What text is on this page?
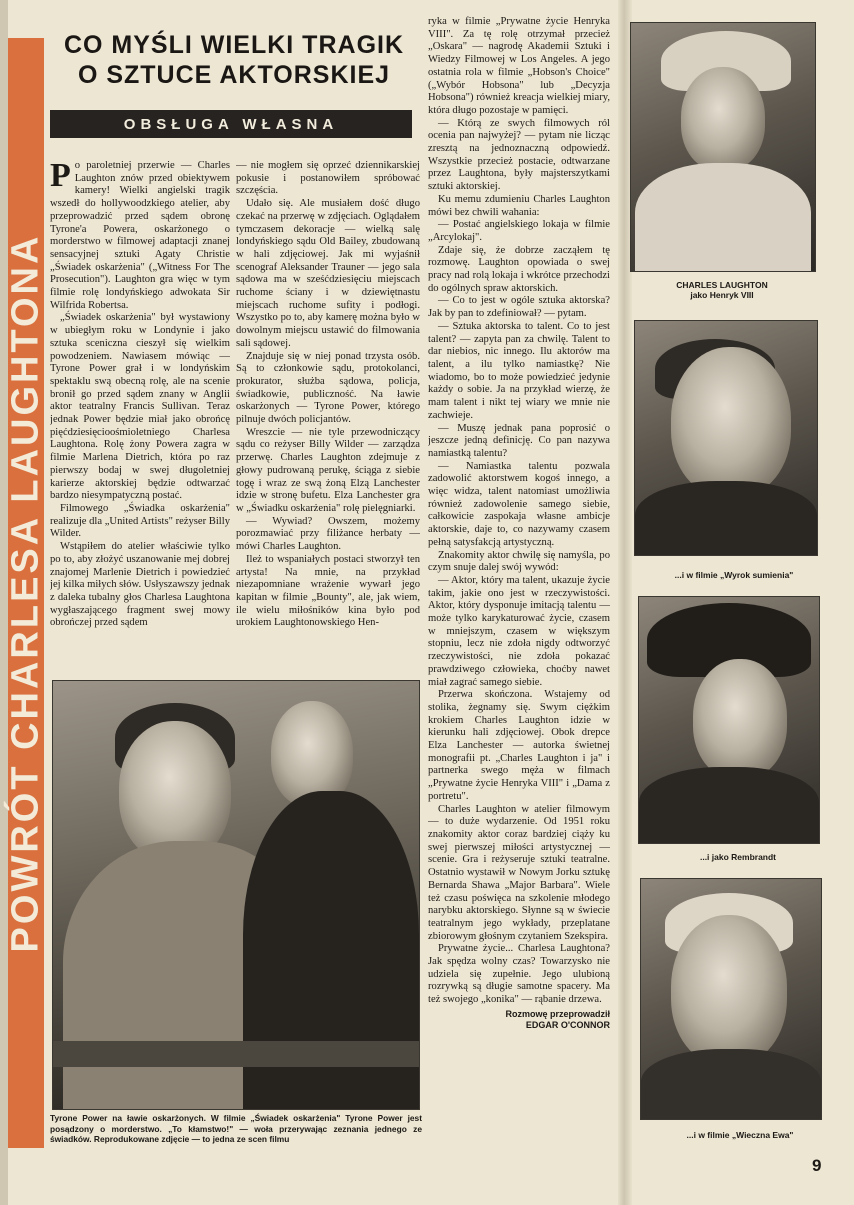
POWRÓT CHARLESA LAUGHTONA
CO MYŚLI WIELKI TRAGIK
O SZTUCE AKTORSKIEJ
OBSŁUGA WŁASNA

Po paroletniej przerwie — Charles Laughton znów przed obiektywem kamery! Wielki angielski tragik wszedł do hollywoodzkiego atelier, aby przeprowadzić przed sądem obronę Tyrone'a Powera, oskarżonego o morderstwo w filmowej adaptacji znanej sensacyjnej sztuki Agaty Christie „Świadek oskarżenia" („Witness For The Prosecution"). Laughton gra więc w tym filmie rolę londyńskiego adwokata Sir Wilfrida Robertsa.

„Świadek oskarżenia" był wystawiony w ubiegłym roku w Londynie i jako sztuka sceniczna cieszył się wielkim powodzeniem. Nawiasem mówiąc — Tyrone Power grał i w londyńskim spektaklu swą obecną rolę, ale na scenie bronił go przed sądem znany w Anglii aktor teatralny Francis Sullivan. Teraz jednak Power będzie miał jako obrońcę pięćdziesięcioośmioletniego Charlesa Laughtona. Rolę żony Powera zagra w filmie Marlena Dietrich, która po raz pierwszy bodaj w swej długoletniej karierze aktorskiej będzie odtwarzać bardzo niesympatyczną postać.

Filmowego „Świadka oskarżenia" realizuje dla „United Artists" reżyser Billy Wilder.

Wstąpiłem do atelier właściwie tylko po to, aby złożyć uszanowanie mej dobrej znajomej Marlenie Dietrich i powiedzieć jej kilka miłych słów. Usłyszawszy jednak z daleka tubalny głos Charlesa Laughtona wygłaszającego fragment swej mowy obrończej przed sądem

— nie mogłem się oprzeć dziennikarskiej pokusie i postanowiłem spróbować szczęścia.

Udało się. Ale musiałem dość długo czekać na przerwę w zdjęciach. Oglądałem tymczasem dekoracje — wielką salę londyńskiego sądu Old Bailey, zbudowaną w hali zdjęciowej. Jak mi wyjaśnił scenograf Aleksander Trauner — jego sala sądowa ma w sześćdziesięciu miejscach ruchome ściany i w dziewiętnastu miejscach ruchome sufity i podłogi. Wszystko po to, aby kamerę można było w dowolnym miejscu ustawić do filmowania sali sądowej.

Znajduje się w niej ponad trzysta osób. Są to członkowie sądu, protokolanci, prokurator, służba sądowa, policja, świadkowie, publiczność. Na ławie oskarżonych — Tyrone Power, którego pilnuje dwóch policjantów.

Wreszcie — nie tyle przewodniczący sądu co reżyser Billy Wilder — zarządza przerwę. Charles Laughton zdejmuje z głowy pudrowaną perukę, ściąga z siebie togę i wraz ze swą żoną Elzą Lanchester idzie w stronę bufetu. Elza Lanchester gra w „Świadku oskarżenia" rolę pielęgniarki.

— Wywiad? Owszem, możemy porozmawiać przy filiżance herbaty — mówi Charles Laughton.

Ileż to wspaniałych postaci stworzył ten artysta! Na mnie, na przykład niezapomniane wrażenie wywarł jego kapitan w filmie „Bounty", ale, jak wiem, ile wielu miłośników kina było pod urokiem Laughtonowskiego Hen-

ryka w filmie „Prywatne życie Henryka VIII". Za tę rolę otrzymał przecież „Oskara" — nagrodę Akademii Sztuki i Wiedzy Filmowej w Los Angeles. A jego ostatnia rola w filmie „Hobson's Choice" („Wybór Hobsona" lub „Decyzja Hobsona") również kreacja wielkiej miary, która długo pozostaje w pamięci.

— Którą ze swych filmowych ról ocenia pan najwyżej? — pytam nie licząc zresztą na jednoznaczną odpowiedź. Wszystkie przecież postacie, odtwarzane przez Laughtona, były majsterszytkami sztuki aktorskiej.

Ku memu zdumieniu Charles Laughton mówi bez chwili wahania:

— Postać angielskiego lokaja w filmie „Arcylokaj".

Zdaje się, że dobrze zacząłem tę rozmowę. Laughton opowiada o swej pracy nad rolą lokaja i wkrótce przechodzi do ogólnych spraw aktorskich.

— Co to jest w ogóle sztuka aktorska? Jak by pan to zdefiniował? — pytam.

— Sztuka aktorska to talent. Co to jest talent? — zapyta pan za chwilę. Talent to dar niebios, nic innego. Ilu aktorów ma talent, a ilu tylko namiastkę? Nie wiadomo, bo to może powiedzieć jedynie każdy o sobie. Ja na przykład wierzę, że mam talent i nikt tej wiary we mnie nie zachwieje.

— Muszę jednak pana poprosić o jeszcze jedną definicję. Co pan nazywa namiastką talentu?

— Namiastka talentu pozwala zadowolić aktorstwem kogoś innego, a więc widza, talent natomiast umożliwia również zadowolenie samego siebie, całkowicie zaspokaja własne ambicje aktorskie, daje to, co nazywamy czasem pełną satysfakcją artystyczną.

Znakomity aktor chwilę się namyśla, po czym snuje dalej swój wywód:

— Aktor, który ma talent, ukazuje życie takim, jakie ono jest w rzeczywistości. Aktor, który dysponuje imitacją talentu — może tylko karykaturować życie, czasem w mniejszym, czasem w większym stopniu, lecz nie zdoła nigdy odtworzyć rzeczywistości, nie zdoła pokazać prawdziwego człowieka, choćby nawet miał zagrać samego siebie.

Przerwa skończona. Wstajemy od stolika, żegnamy się. Swym ciężkim krokiem Charles Laughton idzie w kierunku hali zdjęciowej. Obok drepce Elza Lanchester — autorka świetnej monografii pt. „Charles Laughton i ja" i partnerka swego męża w filmach „Prywatne życie Henryka VIII" i „Dama z portretu".

Charles Laughton w atelier filmowym — to duże wydarzenie. Od 1951 roku znakomity aktor coraz bardziej ciąży ku swej pierwszej miłości artystycznej — scenie. Gra i reżyseruje sztuki teatralne. Ostatnio wystawił w Nowym Jorku sztukę Bernarda Shawa „Major Barbara". Wiele też czasu poświęca na szkolenie młodego narybku aktorskiego. Słynne są w świecie teatralnym jego wykłady, przeplatane zbiorowym głośnym czytaniem Szekspira.

Prywatne życie... Charlesa Laughtona? Jak spędza wolny czas? Towarzysko nie udziela się zupełnie. Jego ulubioną rozrywką są długie samotne spacery. Ma też swojego „konika" — rąbanie drzewa.

Rozmowę przeprowadził
EDGAR O'CONNOR
CHARLES LAUGHTON
jako Henryk VIII
...i w filmie „Wyrok sumienia"
...i jako Rembrandt
...i w filmie „Wieczna Ewa"
Tyrone Power na ławie oskarżonych. W filmie „Świadek oskarżenia" Tyrone Power jest posądzony o morderstwo. „To kłamstwo!" — woła przerywając zeznania jednego ze świadków. Reprodukowane zdjęcie — to jedna ze scen filmu
9
